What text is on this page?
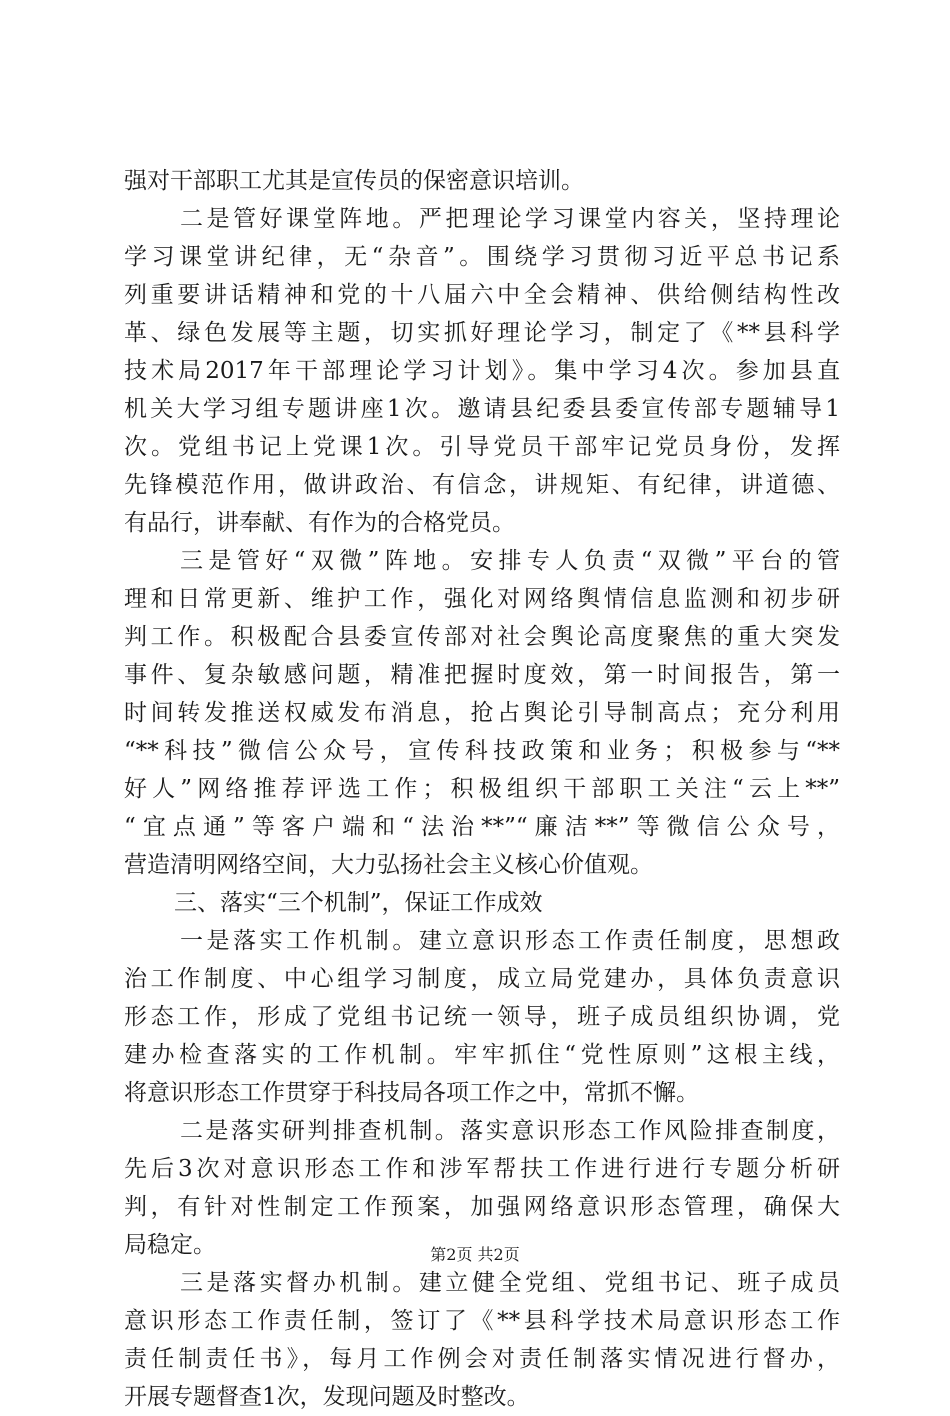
强对干部职工尤其是宣传员的保密意识培训。
二是管好课堂阵地。严把理论学习课堂内容关，坚持理论
学习课堂讲纪律，无“杂音”。围绕学习贯彻习近平总书记系
列重要讲话精神和党的十八届六中全会精神、供给侧结构性改
革、绿色发展等主题，切实抓好理论学习，制定了《**县科学
技术局2017年干部理论学习计划》。集中学习4次。参加县直
机关大学习组专题讲座1次。邀请县纪委县委宣传部专题辅导1
次。党组书记上党课1次。引导党员干部牢记党员身份，发挥
先锋模范作用，做讲政治、有信念，讲规矩、有纪律，讲道德、
有品行，讲奉献、有作为的合格党员。
三是管好“双微”阵地。安排专人负责“双微”平台的管
理和日常更新、维护工作，强化对网络舆情信息监测和初步研
判工作。积极配合县委宣传部对社会舆论高度聚焦的重大突发
事件、复杂敏感问题，精准把握时度效，第一时间报告，第一
时间转发推送权威发布消息，抢占舆论引导制高点；充分利用
“**科技”微信公众号，宣传科技政策和业务；积极参与“**
好人”网络推荐评选工作；积极组织干部职工关注“云上**”
“宜点通”等客户端和“法治**”“廉洁**”等微信公众号，
营造清明网络空间，大力弘扬社会主义核心价值观。
三、落实“三个机制”，保证工作成效
一是落实工作机制。建立意识形态工作责任制度，思想政
治工作制度、中心组学习制度，成立局党建办，具体负责意识
形态工作，形成了党组书记统一领导，班子成员组织协调，党
建办检查落实的工作机制。牢牢抓住“党性原则”这根主线，
将意识形态工作贯穿于科技局各项工作之中，常抓不懈。
二是落实研判排查机制。落实意识形态工作风险排查制度，
先后3次对意识形态工作和涉军帮扶工作进行进行专题分析研
判，有针对性制定工作预案，加强网络意识形态管理，确保大
局稳定。
三是落实督办机制。建立健全党组、党组书记、班子成员
意识形态工作责任制，签订了《**县科学技术局意识形态工作
责任制责任书》，每月工作例会对责任制落实情况进行督办，
开展专题督查1次，发现问题及时整改。
第2页 共2页
